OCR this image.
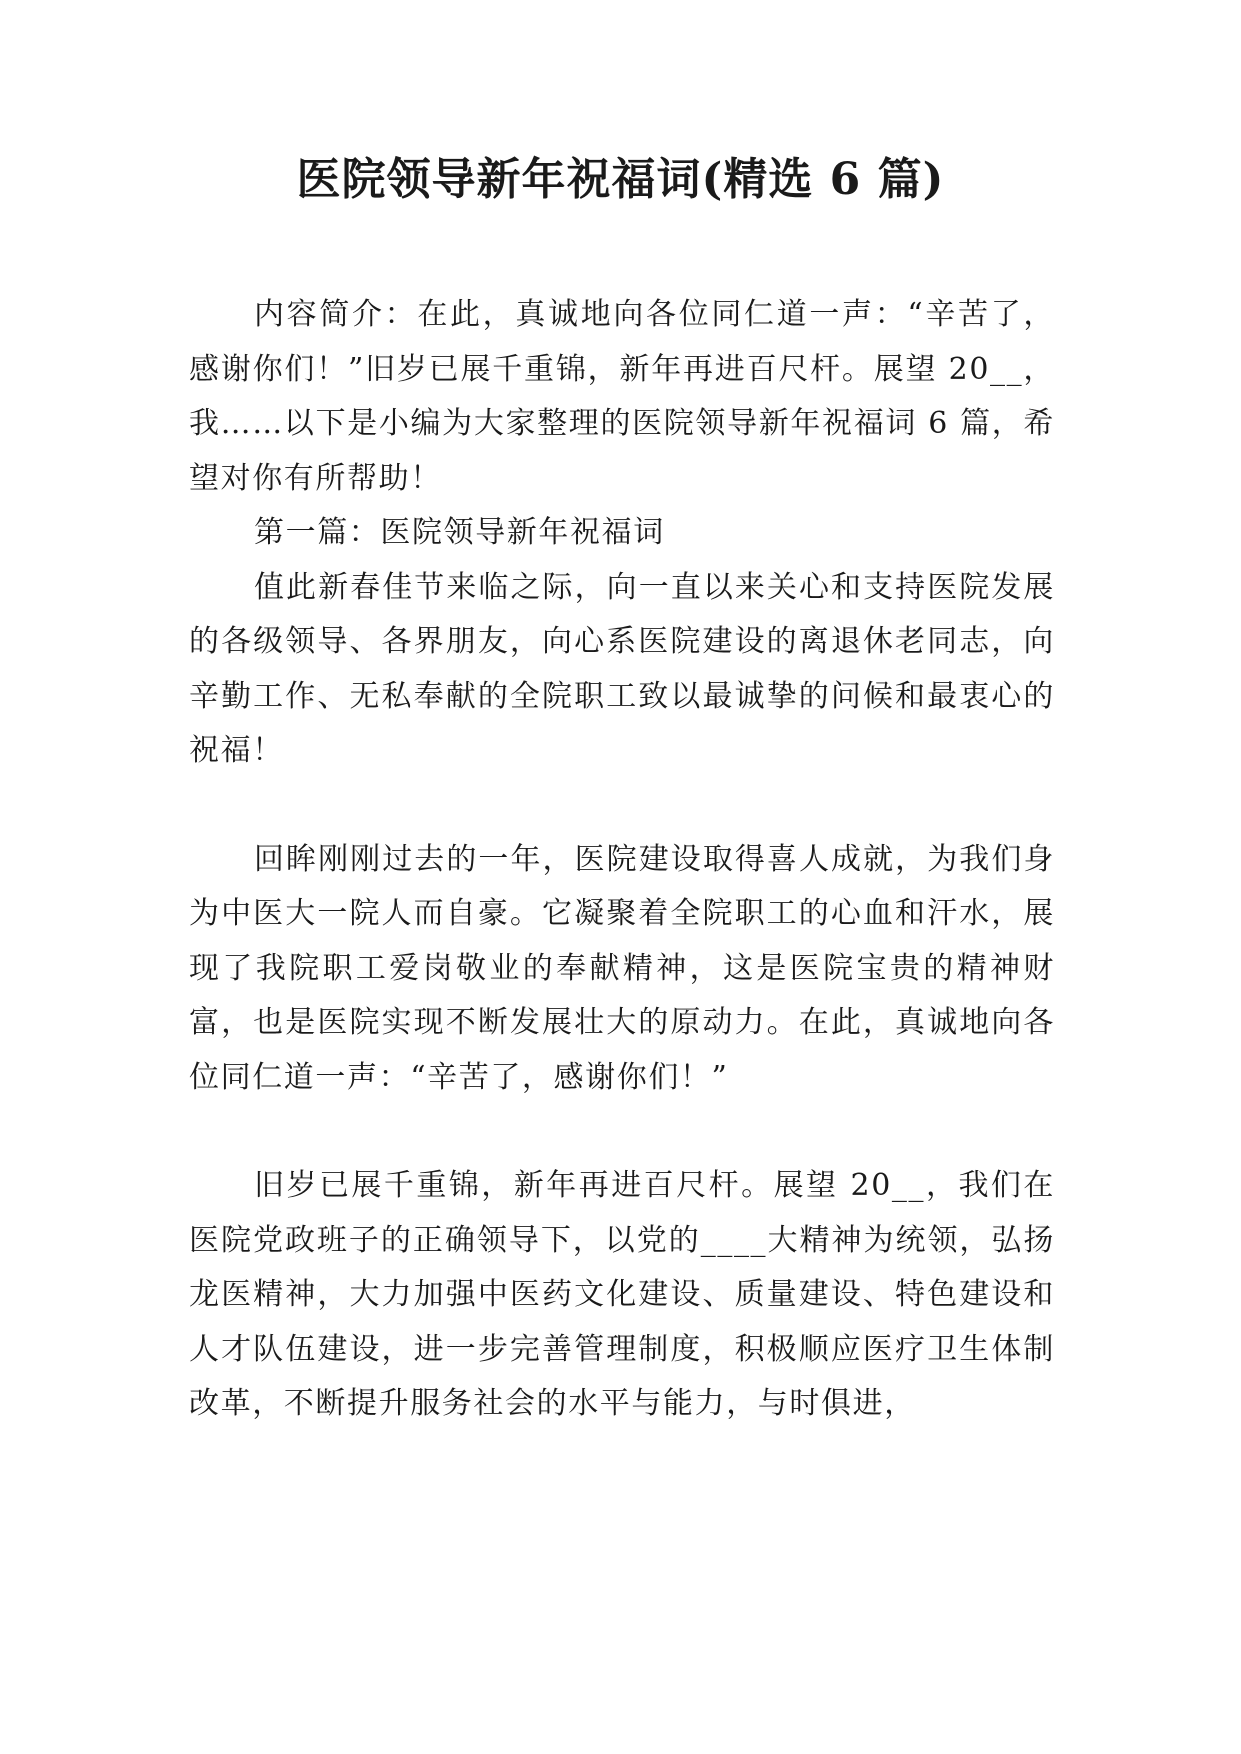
医院领导新年祝福词(精选 6 篇)

内容简介：在此，真诚地向各位同仁道一声：“辛苦了，感谢你们！”旧岁已展千重锦，新年再进百尺杆。展望 20__，我……以下是小编为大家整理的医院领导新年祝福词 6 篇，希望对你有所帮助！

第一篇：医院领导新年祝福词

值此新春佳节来临之际，向一直以来关心和支持医院发展的各级领导、各界朋友，向心系医院建设的离退休老同志，向辛勤工作、无私奉献的全院职工致以最诚挚的问候和最衷心的祝福！

回眸刚刚过去的一年，医院建设取得喜人成就，为我们身为中医大一院人而自豪。它凝聚着全院职工的心血和汗水，展现了我院职工爱岗敬业的奉献精神，这是医院宝贵的精神财富，也是医院实现不断发展壮大的原动力。在此，真诚地向各位同仁道一声：“辛苦了，感谢你们！”

旧岁已展千重锦，新年再进百尺杆。展望 20__，我们在医院党政班子的正确领导下，以党的____大精神为统领，弘扬龙医精神，大力加强中医药文化建设、质量建设、特色建设和人才队伍建设，进一步完善管理制度，积极顺应医疗卫生体制改革，不断提升服务社会的水平与能力，与时俱进，
